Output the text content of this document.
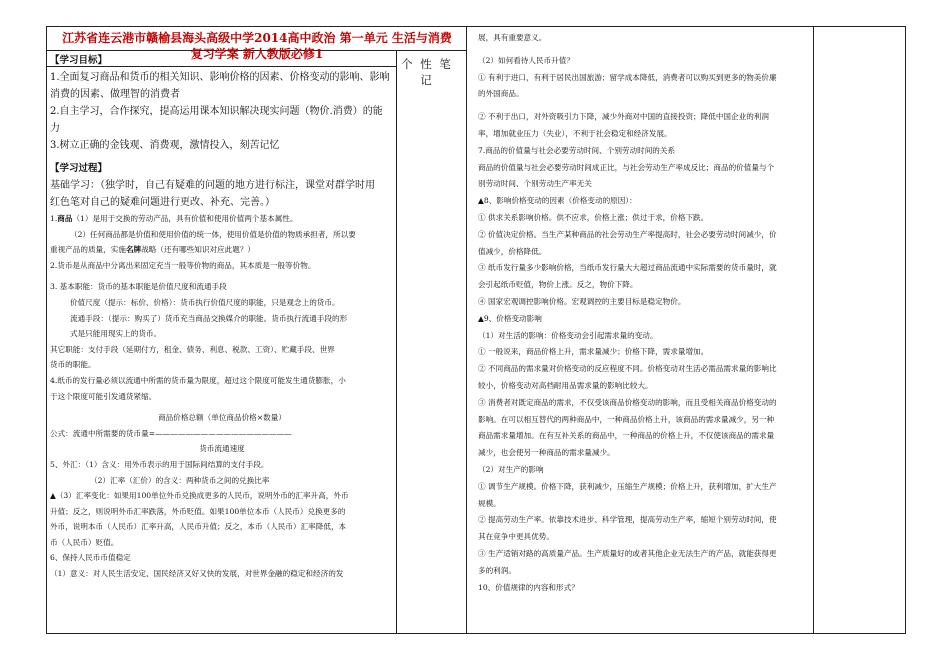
江苏省连云港市赣榆县海头高级中学2014高中政治 第一单元 生活与消费
复习学案 新人教版必修1
个 性 笔 记

【学习目标】

1.全面复习商品和货币的相关知识、影响价格的因素、价格变动的影响、影响

消费的因素、做理智的消费者

2.自主学习，合作探究，提高运用课本知识解决现实问题（物价.消费）的能

力

3.树立正确的金钱观、消费观，激情投入，刻苦记忆

【学习过程】

基础学习：（独学时，自己有疑难的问题的地方进行标注，课堂对群学时用

红色笔对自己的疑难问题进行更改、补充、完善。）

1.商品（1）是用于交换的劳动产品，具有价值和使用价值两个基本属性。

（2）任何商品都是价值和使用价值的统一体，使用价值是价值的物质承担者，所以要

重视产品的质量，实施名牌战略（还有哪些知识对应此题？）

2.货币是从商品中分离出来固定充当一般等价物的商品，其本质是一般等价物。

3. 基本职能：货币的基本职能是价值尺度和流通手段

价值尺度（提示：标价、价格）：货币执行价值尺度的职能，只是观念上的货币。

流通手段：（提示：购买了）货币充当商品交换媒介的职能。货币执行流通手段的形

式是只能用现实上的货币。

其它职能：支付手段（延期付方，租金、债务、利息、税款、工资）、贮藏手段、世界

货币的职能。

4.纸币的发行量必须以流通中所需的货币量为限度，超过这个限度可能发生通货膨胀，小

于这个限度可能引发通货紧缩。

商品价格总额（单位商品价格×数量）

公式：流通中所需要的货币量=——————————————————

货币流通速度

5、外汇：（1）含义：用外币表示的用于国际间结算的支付手段。

（2）汇率（汇价）的含义：两种货币之间的兑换比率

▲（3）汇率变化：如果用100单位外币兑换成更多的人民币，说明外币的汇率升高，外币

升值；反之，则说明外币汇率跌落，外币贬值。如果100单位本币（人民币）兑换更多的

外币，说明本币（人民币）汇率升高，人民币升值；反之，本币（人民币）汇率降低，本

币（人民币）贬值。

6、保持人民币币值稳定

（1）意义：对人民生活安定、国民经济又好又快的发展，对世界金融的稳定和经济的发

展，具有重要意义。

（2）如何看待人民币升值？

① 有利于进口，有利于居民出国旅游；留学成本降低，消费者可以购买到更多的物美价廉

的外国商品。

② 不利于出口，对外资吸引力下降，减少外商对中国的直接投资；降低中国企业的利润

率，增加就业压力（失业），不利于社会稳定和经济发展。

7.商品的价值量与社会必要劳动时间、个别劳动时间的关系

商品的价值量与社会必要劳动时间成正比，与社会劳动生产率成反比；商品的价值量与个

别劳动时间、个别劳动生产率无关

▲8、影响价格变动的因素（价格变动的原因）：

① 供求关系影响价格。供不应求，价格上涨；供过于求，价格下跌。

② 价值决定价格。当生产某种商品的社会劳动生产率提高时，社会必要劳动时间减少，价

值减少，价格降低。

③ 纸币发行量多少影响价格，当纸币发行量大大超过商品流通中实际需要的货币量时，就

会引起纸币贬值，物价上涨。反之，物价下降。

④ 国家宏观调控影响价格。宏观调控的主要目标是稳定物价。

▲9、价格变动影响

（1）对生活的影响：价格变动会引起需求量的变动。

① 一般说来，商品价格上升，需求量减少；价格下降，需求量增加。

② 不同商品的需求量对价格变动的反应程度不同。价格变动对生活必需品需求量的影响比

较小，价格变动对高档耐用品需求量的影响比较大。

③ 消费者对既定商品的需求，不仅受该商品价格变动的影响，而且受相关商品价格变动的

影响。在可以相互替代的两种商品中，一种商品价格上升，该商品的需求量减少，另一种

商品需求量增加。在有互补关系的商品中，一种商品的价格上升，不仅使该商品的需求量

减少，也会使另一种商品的需求量减少。

（2）对生产的影响

① 调节生产规模。价格下降，获利减少，压缩生产规模；价格上升，获利增加，扩大生产

规模。

② 提高劳动生产率。依靠技术进步、科学管理，提高劳动生产率，缩短个别劳动时间，使

其在竞争中更具优势。

③ 生产适销对路的高质量产品。生产质量好的或者其他企业无法生产的产品，就能获得更

多的利润。

10、价值规律的内容和形式？
